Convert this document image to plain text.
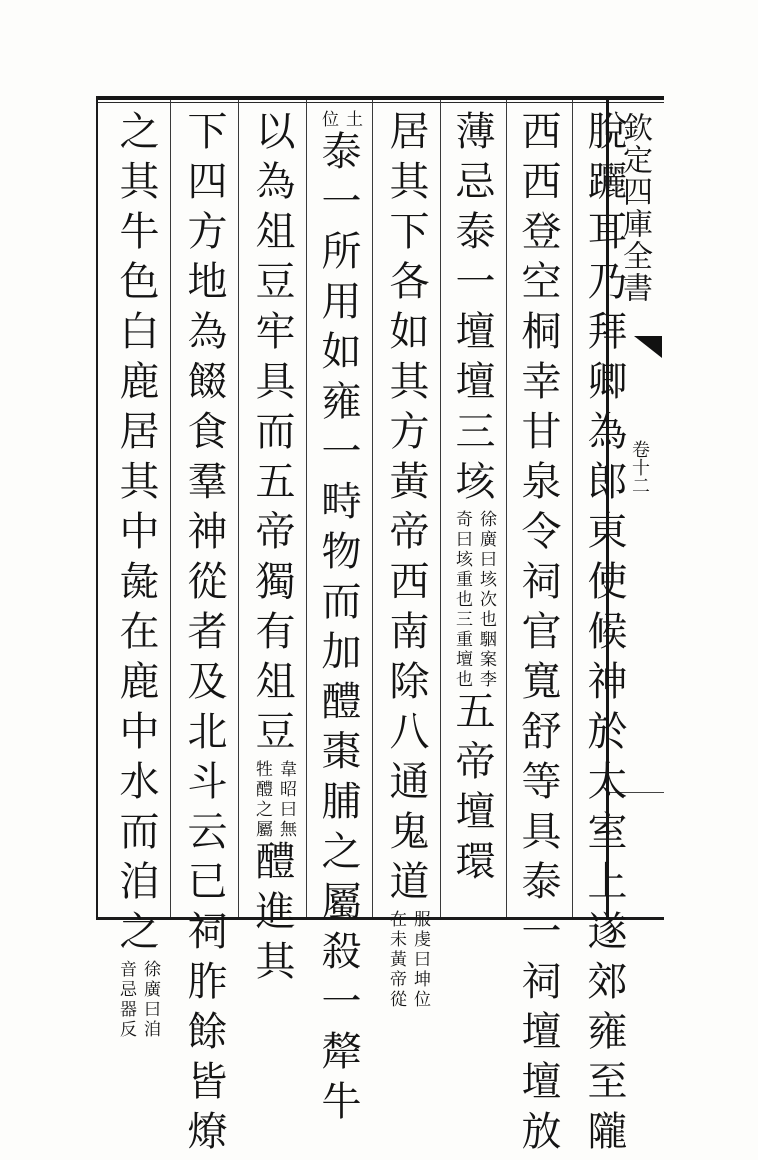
欽定四庫全書
卷十二
脫躧耳乃拜卿為郎東使候神於太室上遂郊雍至隴
西西登空桐幸甘泉令祠官寬舒等具泰一祠壇壇放
薄忌泰一壇壇三垓
徐廣曰垓次也駰案李
奇曰垓重也三重壇也
五帝壇環
居其下各如其方黃帝西南除八通鬼道
服虔曰坤位
在未黃帝從
土
位
泰一所用如雍一畤物而加醴棗脯之屬殺一犛牛
以為俎豆牢具而五帝獨有俎豆
韋昭曰無
牲醴之屬
醴進其
下四方地為餟食羣神從者及北斗云已祠胙餘皆燎
之其牛色白鹿居其中彘在鹿中水而洎之
徐廣曰洎
音忌器反
